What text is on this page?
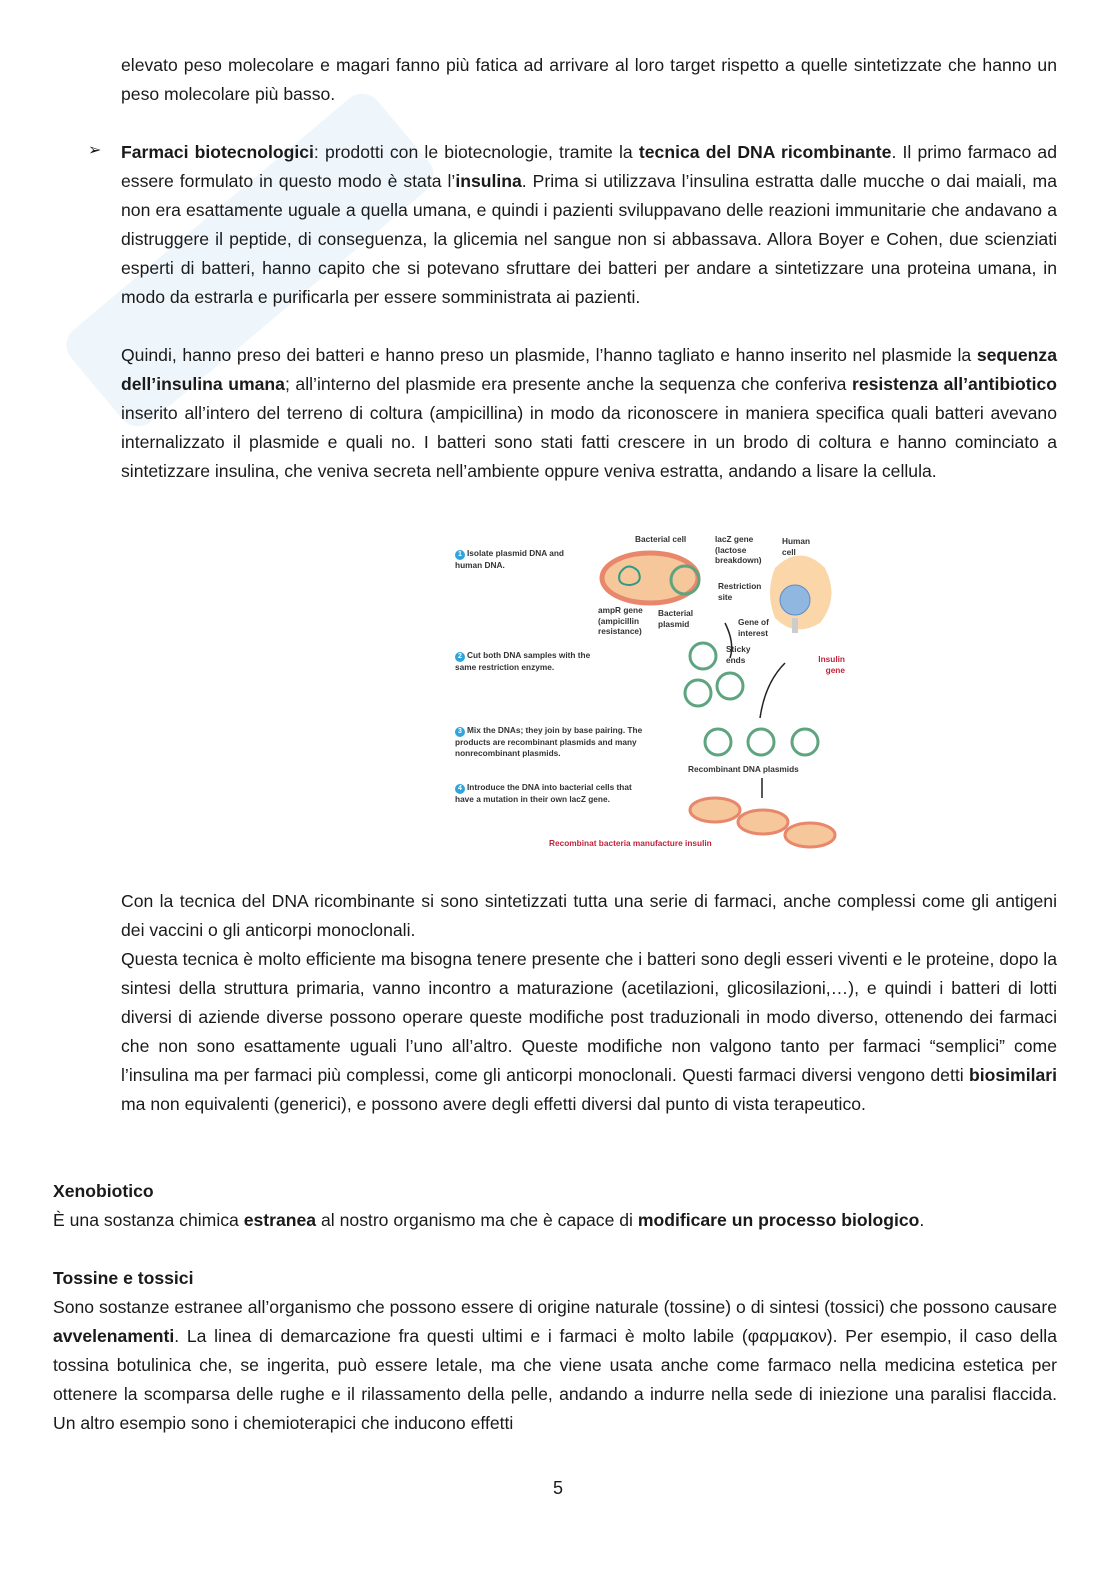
elevato peso molecolare e magari fanno più fatica ad arrivare al loro target rispetto a quelle sintetizzate che hanno un peso molecolare più basso.

➢ Farmaci biotecnologici: prodotti con le biotecnologie, tramite la tecnica del DNA ricombinante. Il primo farmaco ad essere formulato in questo modo è stata l’insulina. Prima si utilizzava l’insulina estratta dalle mucche o dai maiali, ma non era esattamente uguale a quella umana, e quindi i pazienti sviluppavano delle reazioni immunitarie che andavano a distruggere il peptide, di conseguenza, la glicemia nel sangue non si abbassava. Allora Boyer e Cohen, due scienziati esperti di batteri, hanno capito che si potevano sfruttare dei batteri per andare a sintetizzare una proteina umana, in modo da estrarla e purificarla per essere somministrata ai pazienti.

Quindi, hanno preso dei batteri e hanno preso un plasmide, l’hanno tagliato e hanno inserito nel plasmide la sequenza dell’insulina umana; all’interno del plasmide era presente anche la sequenza che conferiva resistenza all’antibiotico inserito all’intero del terreno di coltura (ampicillina) in modo da riconoscere in maniera specifica quali batteri avevano internalizzato il plasmide e quali no. I batteri sono stati fatti crescere in un brodo di coltura e hanno cominciato a sintetizzare insulina, che veniva secreta nell’ambiente oppure veniva estratta, andando a lisare la cellula.

1 Isolate plasmid DNA and human DNA.
2 Cut both DNA samples with the same restriction enzyme.
3 Mix the DNAs; they join by base pairing. The products are recombinant plasmids and many nonrecombinant plasmids.
4 Introduce the DNA into bacterial cells that have a mutation in their own lacZ gene.
Bacterial cell	lacZ gene (lactose breakdown)
Human cell
Restriction site
ampR gene (ampicillin resistance)
Bacterial plasmid	Gene of interest
Sticky ends	Insulin gene
Recombinant DNA plasmids
Recombinat bacteria manufacture insulin

Con la tecnica del DNA ricombinante si sono sintetizzati tutta una serie di farmaci, anche complessi come gli antigeni dei vaccini o gli anticorpi monoclonali.

Questa tecnica è molto efficiente ma bisogna tenere presente che i batteri sono degli esseri viventi e le proteine, dopo la sintesi della struttura primaria, vanno incontro a maturazione (acetilazioni, glicosilazioni,…), e quindi i batteri di lotti diversi di aziende diverse possono operare queste modifiche post traduzionali in modo diverso, ottenendo dei farmaci che non sono esattamente uguali l’uno all’altro. Queste modifiche non valgono tanto per farmaci “semplici” come l’insulina ma per farmaci più complessi, come gli anticorpi monoclonali. Questi farmaci diversi vengono detti biosimilari ma non equivalenti (generici), e possono avere degli effetti diversi dal punto di vista terapeutico.

Xenobiotico

È una sostanza chimica estranea al nostro organismo ma che è capace di modificare un processo biologico.

Tossine e tossici

Sono sostanze estranee all’organismo che possono essere di origine naturale (tossine) o di sintesi (tossici) che possono causare avvelenamenti. La linea di demarcazione fra questi ultimi e i farmaci è molto labile (φαρμακον). Per esempio, il caso della tossina botulinica che, se ingerita, può essere letale, ma che viene usata anche come farmaco nella medicina estetica per ottenere la scomparsa delle rughe e il rilassamento della pelle, andando a indurre nella sede di iniezione una paralisi flaccida. Un altro esempio sono i chemioterapici che inducono effetti

5
